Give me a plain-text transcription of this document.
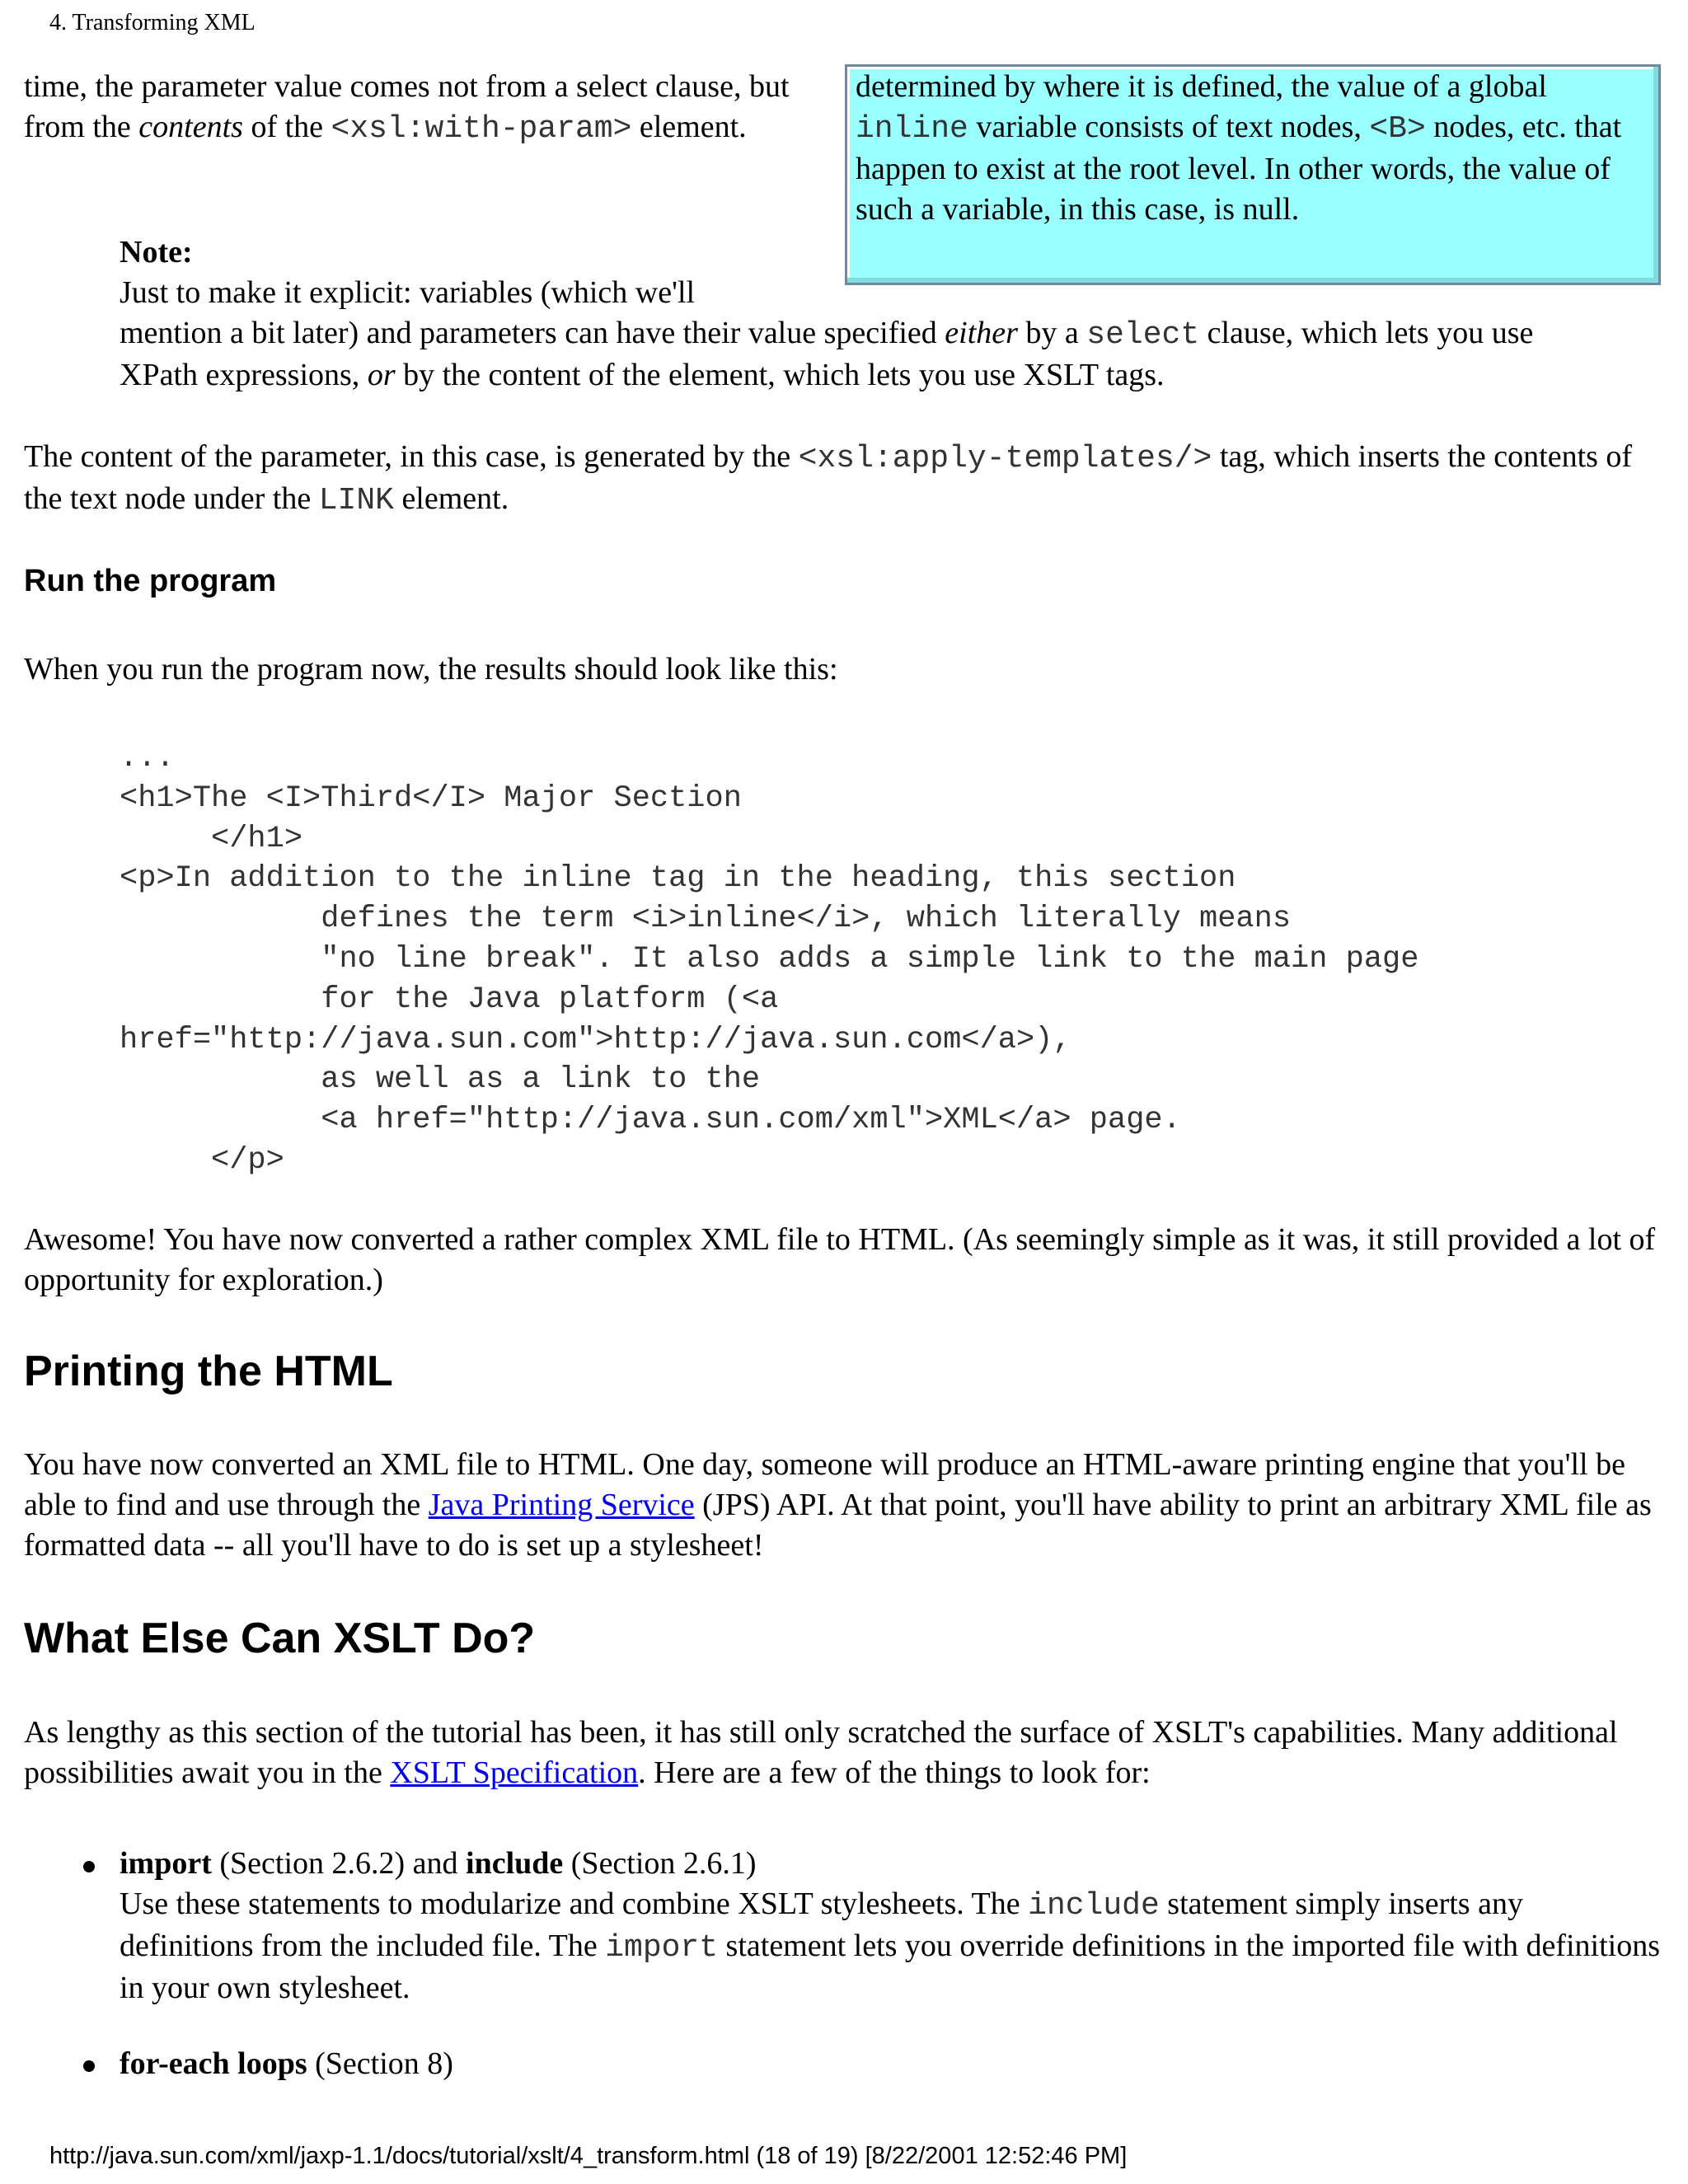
4. Transforming XML
time, the parameter value comes not from a select clause, but from the contents of the <xsl:with-param> element.
determined by where it is defined, the value of a global inline variable consists of text nodes, <B> nodes, etc. that happen to exist at the root level. In other words, the value of such a variable, in this case, is null.
Note:
Just to make it explicit: variables (which we'll
mention a bit later) and parameters can have their value specified either by a select clause, which lets you use XPath expressions, or by the content of the element, which lets you use XSLT tags.
The content of the parameter, in this case, is generated by the <xsl:apply-templates/> tag, which inserts the contents of the text node under the LINK element.
Run the program
When you run the program now, the results should look like this:
...
<h1>The <I>Third</I> Major Section
</h1>
<p>In addition to the inline tag in the heading, this section
defines the term <i>inline</i>, which literally means
"no line break". It also adds a simple link to the main page
for the Java platform (<a
href="http://java.sun.com">http://java.sun.com</a>),
as well as a link to the
<a href="http://java.sun.com/xml">XML</a> page.
</p>
Awesome! You have now converted a rather complex XML file to HTML. (As seemingly simple as it was, it still provided a lot of opportunity for exploration.)
Printing the HTML
You have now converted an XML file to HTML. One day, someone will produce an HTML-aware printing engine that you'll be able to find and use through the Java Printing Service (JPS) API. At that point, you'll have ability to print an arbitrary XML file as formatted data -- all you'll have to do is set up a stylesheet!
What Else Can XSLT Do?
As lengthy as this section of the tutorial has been, it has still only scratched the surface of XSLT's capabilities. Many additional possibilities await you in the XSLT Specification. Here are a few of the things to look for:
import (Section 2.6.2) and include (Section 2.6.1)
Use these statements to modularize and combine XSLT stylesheets. The include statement simply inserts any definitions from the included file. The import statement lets you override definitions in the imported file with definitions in your own stylesheet.
for-each loops (Section 8)
http://java.sun.com/xml/jaxp-1.1/docs/tutorial/xslt/4_transform.html (18 of 19) [8/22/2001 12:52:46 PM]
